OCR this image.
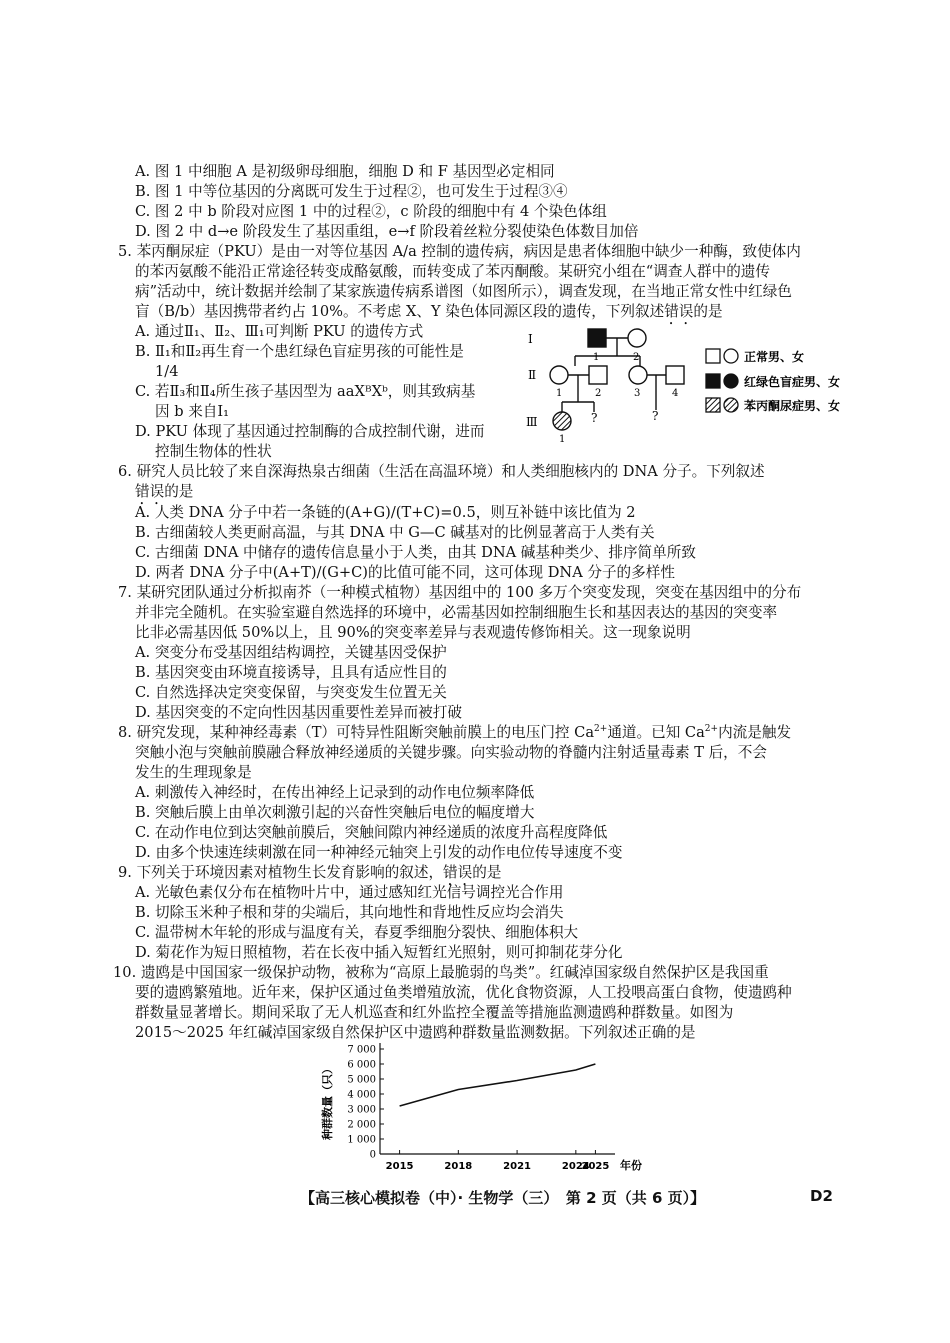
A. 图 1 中细胞 A 是初级卵母细胞，细胞 D 和 F 基因型必定相同
B. 图 1 中等位基因的分离既可发生于过程②，也可发生于过程③④
C. 图 2 中 b 阶段对应图 1 中的过程②，c 阶段的细胞中有 4 个染色体组
D. 图 2 中 d→e 阶段发生了基因重组，e→f 阶段着丝粒分裂使染色体数目加倍
5. 苯丙酮尿症（PKU）是由一对等位基因 A/a 控制的遗传病，病因是患者体细胞中缺少一种酶，致使体内
的苯丙氨酸不能沿正常途径转变成酪氨酸，而转变成了苯丙酮酸。某研究小组在“调查人群中的遗传
病”活动中，统计数据并绘制了某家族遗传病系谱图（如图所示），调查发现，在当地正常女性中红绿色
盲（B/b）基因携带者约占 10%。不考虑 X、Y 染色体同源区段的遗传，下列叙述错误的是
A. 通过Ⅱ₁、Ⅱ₂、Ⅲ₁可判断 PKU 的遗传方式
B. Ⅱ₁和Ⅱ₂再生育一个患红绿色盲症男孩的可能性是
1/4
C. 若Ⅱ₃和Ⅱ₄所生孩子基因型为 aaXᴮXᵇ，则其致病基
因 b 来自Ⅰ₁
D. PKU 体现了基因通过控制酶的合成控制代谢，进而
控制生物体的性状
Ⅰ
Ⅱ
Ⅲ
1	2
1	2	3	4
1
?	?
正常男、女
红绿色盲症男、女
苯丙酮尿症男、女
6. 研究人员比较了来自深海热泉古细菌（生活在高温环境）和人类细胞核内的 DNA 分子。下列叙述
错误的是
A. 人类 DNA 分子中若一条链的(A+G)/(T+C)=0.5，则互补链中该比值为 2
B. 古细菌较人类更耐高温，与其 DNA 中 G—C 碱基对的比例显著高于人类有关
C. 古细菌 DNA 中储存的遗传信息量小于人类，由其 DNA 碱基种类少、排序简单所致
D. 两者 DNA 分子中(A+T)/(G+C)的比值可能不同，这可体现 DNA 分子的多样性
7. 某研究团队通过分析拟南芥（一种模式植物）基因组中的 100 多万个突变发现，突变在基因组中的分布
并非完全随机。在实验室避自然选择的环境中，必需基因如控制细胞生长和基因表达的基因的突变率
比非必需基因低 50%以上，且 90%的突变率差异与表观遗传修饰相关。这一现象说明
A. 突变分布受基因组结构调控，关键基因受保护
B. 基因突变由环境直接诱导，且具有适应性目的
C. 自然选择决定突变保留，与突变发生位置无关
D. 基因突变的不定向性因基因重要性差异而被打破
8. 研究发现，某种神经毒素（T）可特异性阻断突触前膜上的电压门控 $Ca^{2+}$通道。已知 $Ca^{2+}$内流是触发
突触小泡与突触前膜融合释放神经递质的关键步骤。向实验动物的脊髓内注射适量毒素 T 后，不会
发生的生理现象是
A. 刺激传入神经时，在传出神经上记录到的动作电位频率降低
B. 突触后膜上由单次刺激引起的兴奋性突触后电位的幅度增大
C. 在动作电位到达突触前膜后，突触间隙内神经递质的浓度升高程度降低
D. 由多个快速连续刺激在同一种神经元轴突上引发的动作电位传导速度不变
9. 下列关于环境因素对植物生长发育影响的叙述，错误的是
A. 光敏色素仅分布在植物叶片中，通过感知红光信号调控光合作用
B. 切除玉米种子根和芽的尖端后，其向地性和背地性反应均会消失
C. 温带树木年轮的形成与温度有关，春夏季细胞分裂快、细胞体积大
D. 菊花作为短日照植物，若在长夜中插入短暂红光照射，则可抑制花芽分化
10. 遗鸥是中国国家一级保护动物，被称为“高原上最脆弱的鸟类”。红碱淖国家级自然保护区是我国重
要的遗鸥繁殖地。近年来，保护区通过鱼类增殖放流，优化食物资源，人工投喂高蛋白食物，使遗鸥种
群数量显著增长。期间采取了无人机巡查和红外监控全覆盖等措施监测遗鸥种群数量。如图为
2015～2025 年红碱淖国家级自然保护区中遗鸥种群数量监测数据。下列叙述正确的是
0
1 000
2 000
3 000
4 000
5 000
6 000
7 000
2015	2018	2021	2024
2025
种群数量（只）
年份
【高三核心模拟卷（中）· 生物学（三）　第 2 页（共 6 页）】	D2
